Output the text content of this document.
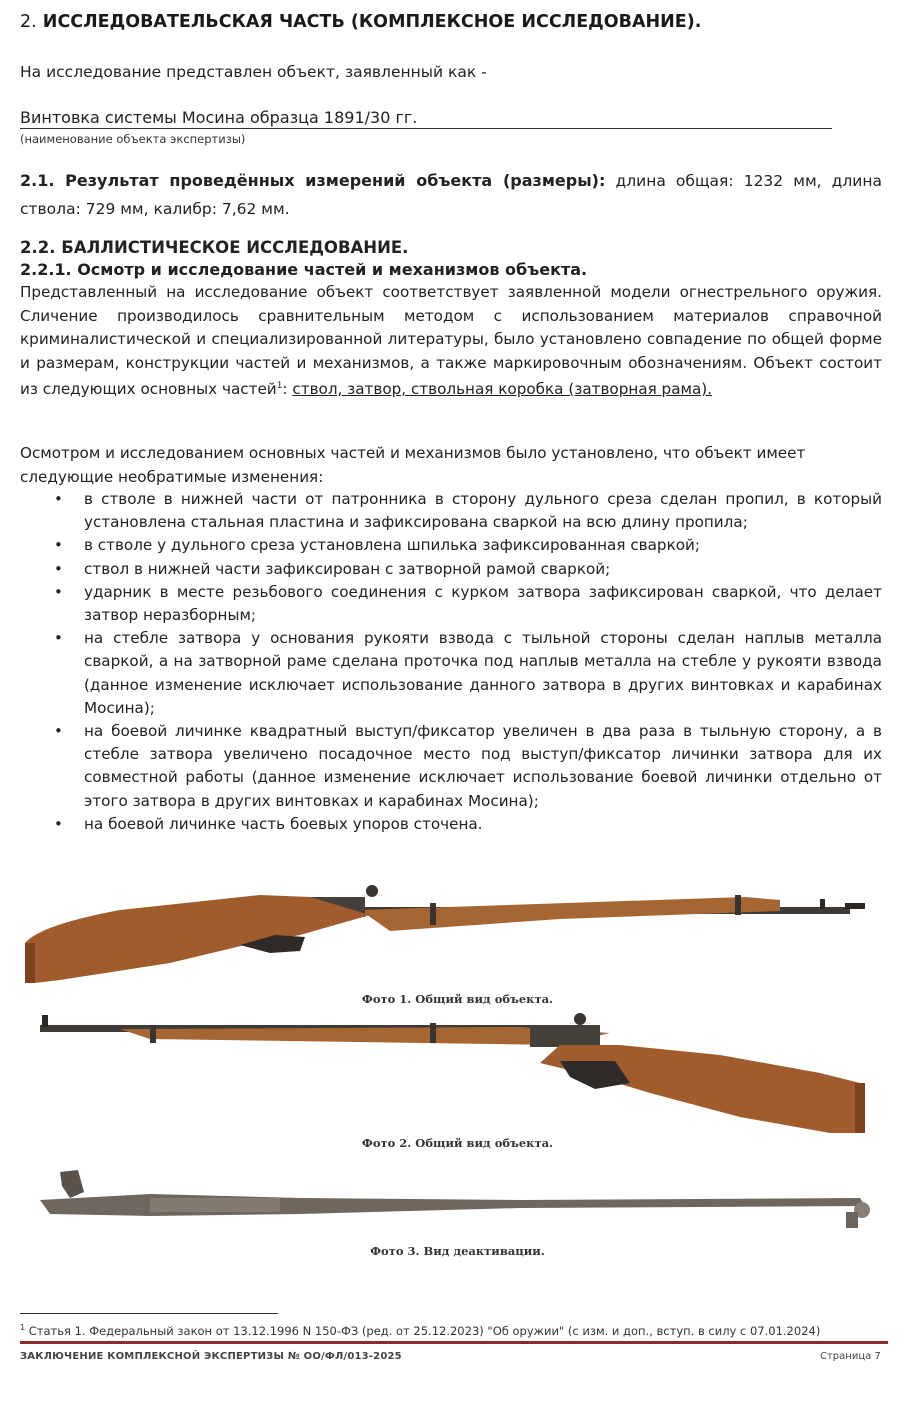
2. ИССЛЕДОВАТЕЛЬСКАЯ ЧАСТЬ (КОМПЛЕКСНОЕ ИССЛЕДОВАНИЕ).
На исследование представлен объект, заявленный как -
Винтовка системы Мосина образца 1891/30 гг.
(наименование объекта экспертизы)
2.1. Результат проведённых измерений объекта (размеры): длина общая: 1232 мм, длина ствола: 729 мм, калибр: 7,62 мм.
2.2. БАЛЛИСТИЧЕСКОЕ ИССЛЕДОВАНИЕ.
2.2.1. Осмотр и исследование частей и механизмов объекта.
Представленный на исследование объект соответствует заявленной модели огнестрельного оружия. Сличение производилось сравнительным методом с использованием материалов справочной криминалистической и специализированной литературы, было установлено совпадение по общей форме и размерам, конструкции частей и механизмов, а также маркировочным обозначениям. Объект состоит из следующих основных частей$^1$: ствол, затвор, ствольная коробка (затворная рама).
Осмотром и исследованием основных частей и механизмов было установлено, что объект имеет следующие необратимые изменения:
• в стволе в нижней части от патронника в сторону дульного среза сделан пропил, в который установлена стальная пластина и зафиксирована сваркой на всю длину пропила;
• в стволе у дульного среза установлена шпилька зафиксированная сваркой;
• ствол в нижней части зафиксирован с затворной рамой сваркой;
• ударник в месте резьбового соединения с курком затвора зафиксирован сваркой, что делает затвор неразборным;
• на стебле затвора у основания рукояти взвода с тыльной стороны сделан наплыв металла сваркой, а на затворной раме сделана проточка под наплыв металла на стебле у рукояти взвода (данное изменение исключает использование данного затвора в других винтовках и карабинах Мосина);
• на боевой личинке квадратный выступ/фиксатор увеличен в два раза в тыльную сторону, а в стебле затвора увеличено посадочное место под выступ/фиксатор личинки затвора для их совместной работы (данное изменение исключает использование боевой личинки отдельно от этого затвора в других винтовках и карабинах Мосина);
• на боевой личинке часть боевых упоров сточена.
Фото 1. Общий вид объекта.
Фото 2. Общий вид объекта.
Фото 3. Вид деактивации.
$^1$ Статья 1. Федеральный закон от 13.12.1996 N 150-ФЗ (ред. от 25.12.2023) "Об оружии" (с изм. и доп., вступ. в силу с 07.01.2024)
ЗАКЛЮЧЕНИЕ КОМПЛЕКСНОЙ ЭКСПЕРТИЗЫ № ОО/ФЛ/013-2025	Страница 7
